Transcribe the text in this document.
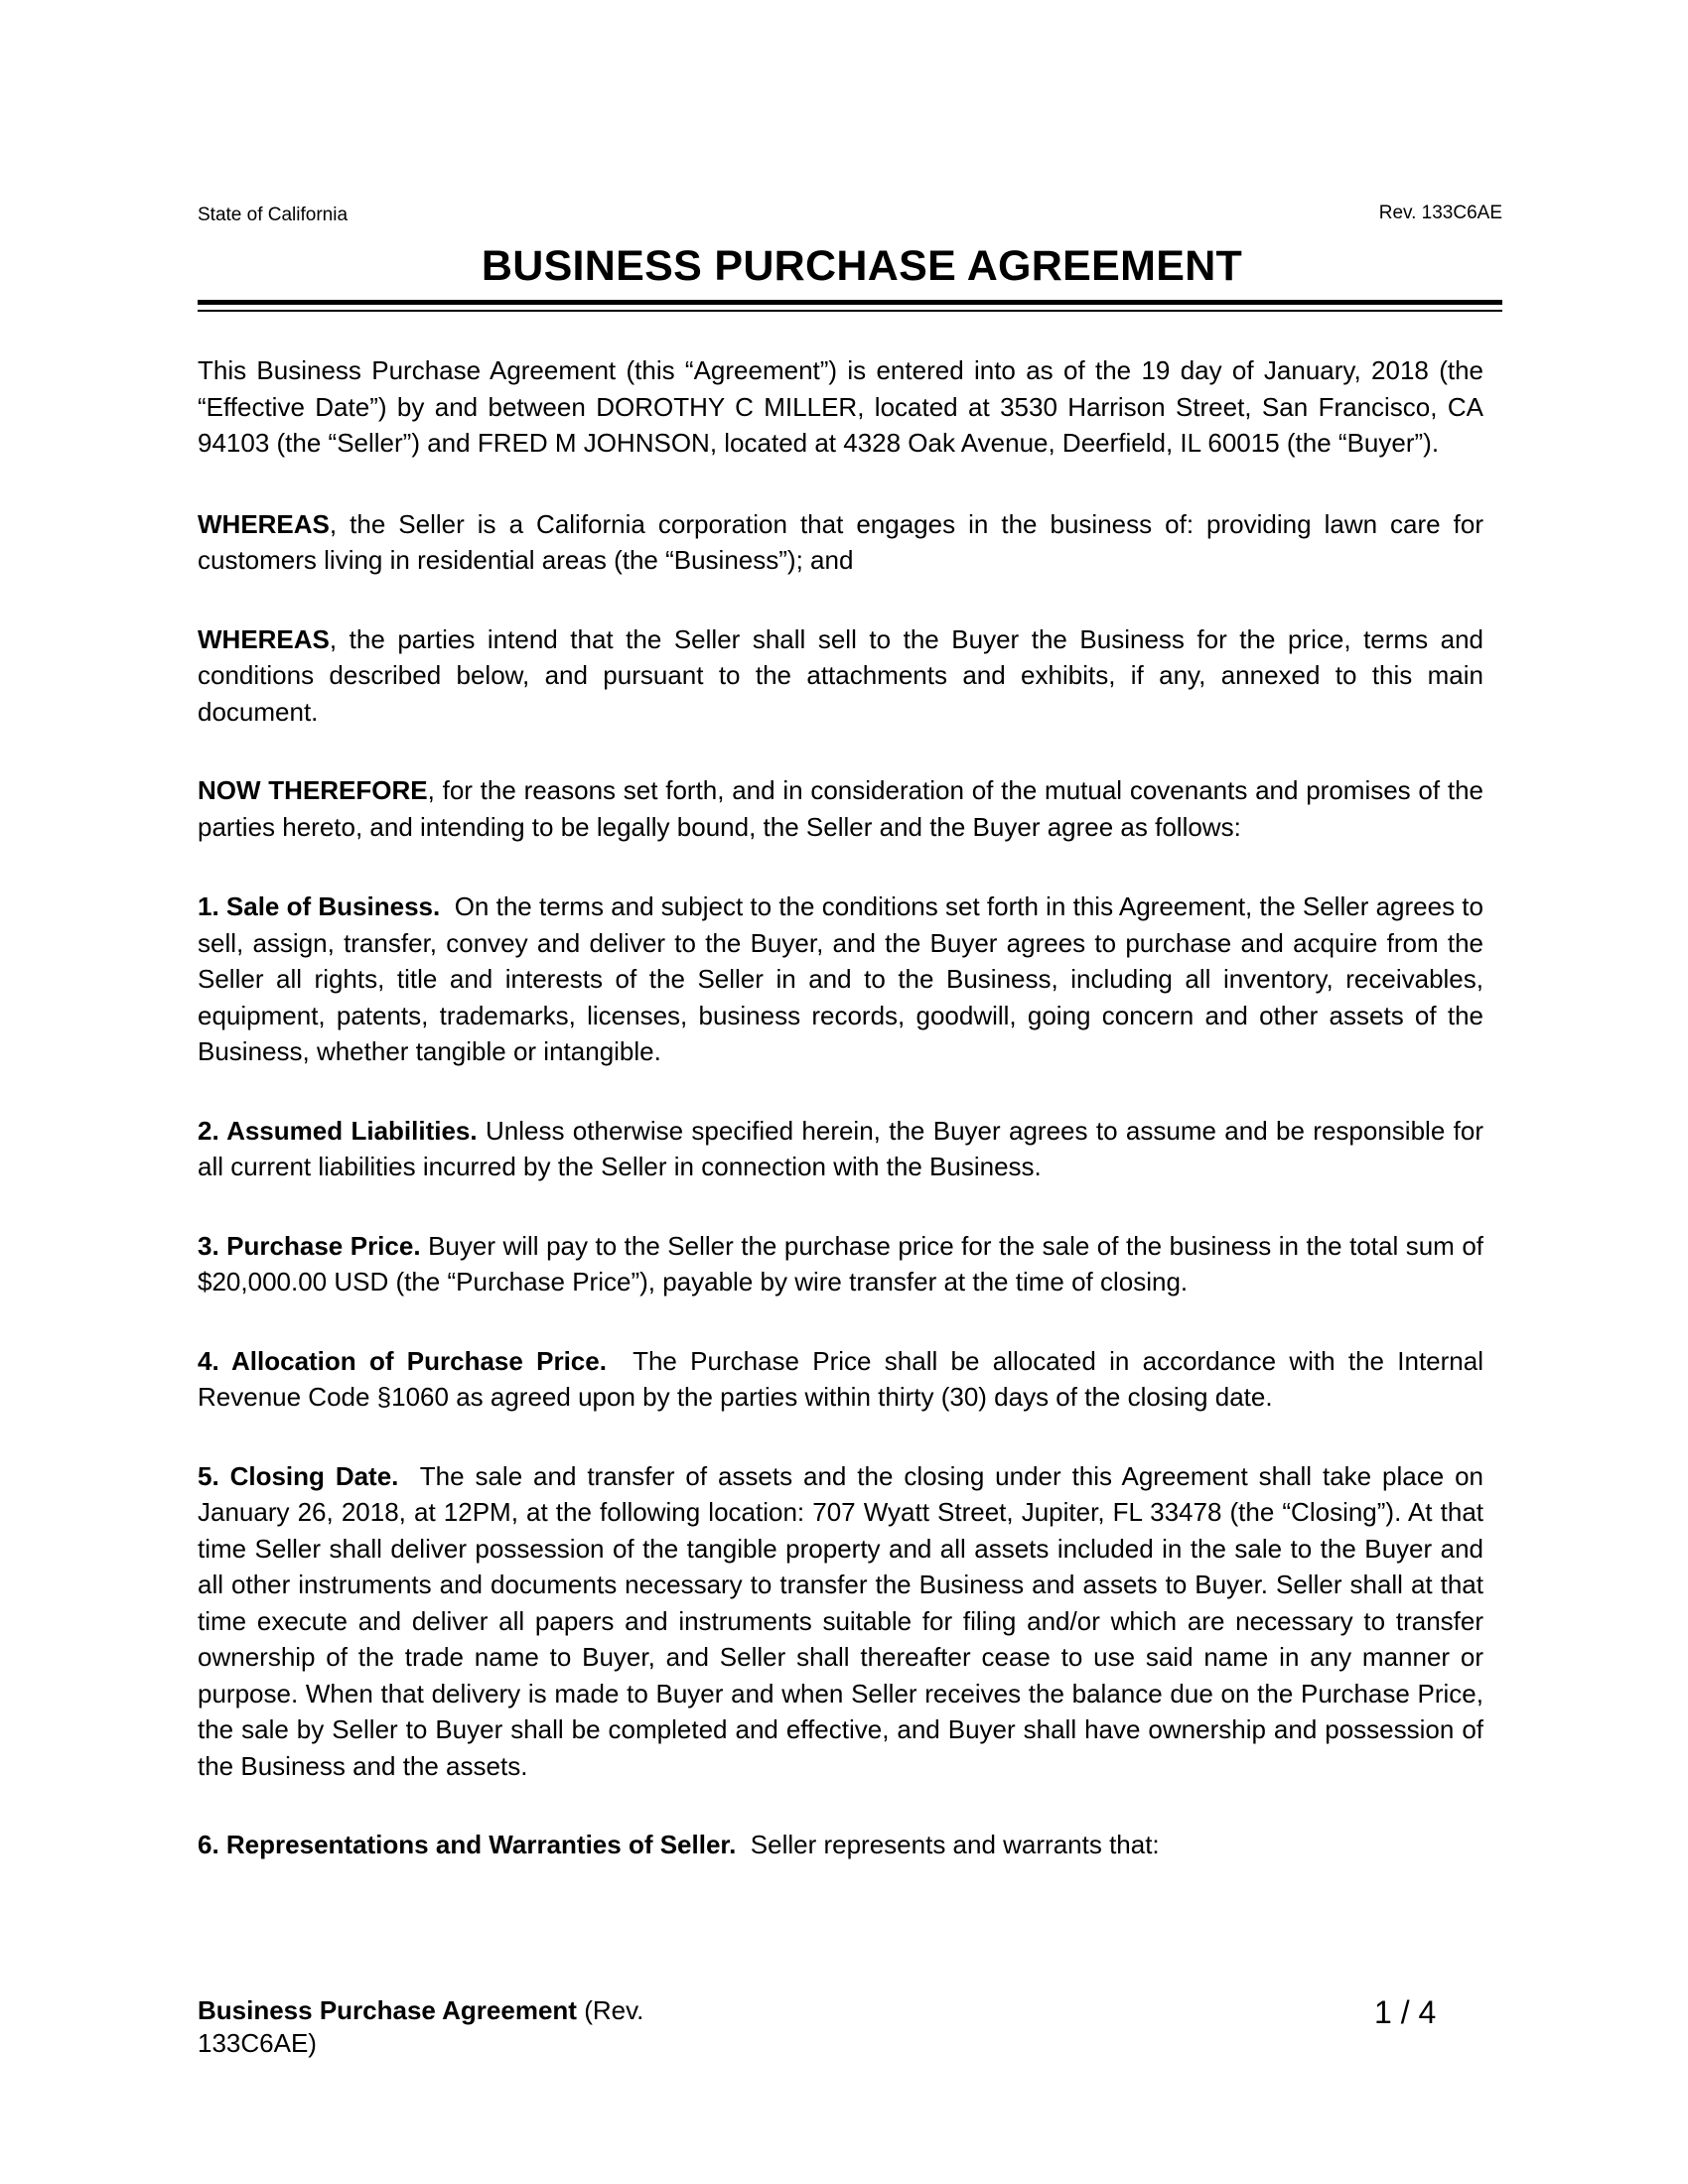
State of California	Rev. 133C6AE
BUSINESS PURCHASE AGREEMENT

This Business Purchase Agreement (this “Agreement”) is entered into as of the 19 day of January, 2018 (the “Effective Date”) by and between DOROTHY C MILLER, located at 3530 Harrison Street, San Francisco, CA 94103 (the “Seller”) and FRED M JOHNSON, located at 4328 Oak Avenue, Deerfield, IL 60015 (the “Buyer”).

WHEREAS, the Seller is a California corporation that engages in the business of: providing lawn care for customers living in residential areas (the “Business”); and

WHEREAS, the parties intend that the Seller shall sell to the Buyer the Business for the price, terms and conditions described below, and pursuant to the attachments and exhibits, if any, annexed to this main document.

NOW THEREFORE, for the reasons set forth, and in consideration of the mutual covenants and promises of the parties hereto, and intending to be legally bound, the Seller and the Buyer agree as follows:

1. Sale of Business. On the terms and subject to the conditions set forth in this Agreement, the Seller agrees to sell, assign, transfer, convey and deliver to the Buyer, and the Buyer agrees to purchase and acquire from the Seller all rights, title and interests of the Seller in and to the Business, including all inventory, receivables, equipment, patents, trademarks, licenses, business records, goodwill, going concern and other assets of the Business, whether tangible or intangible.

2. Assumed Liabilities. Unless otherwise specified herein, the Buyer agrees to assume and be responsible for all current liabilities incurred by the Seller in connection with the Business.

3. Purchase Price. Buyer will pay to the Seller the purchase price for the sale of the business in the total sum of $20,000.00 USD (the “Purchase Price”), payable by wire transfer at the time of closing.

4. Allocation of Purchase Price. The Purchase Price shall be allocated in accordance with the Internal Revenue Code §1060 as agreed upon by the parties within thirty (30) days of the closing date.

5. Closing Date. The sale and transfer of assets and the closing under this Agreement shall take place on January 26, 2018, at 12PM, at the following location: 707 Wyatt Street, Jupiter, FL 33478 (the “Closing”). At that time Seller shall deliver possession of the tangible property and all assets included in the sale to the Buyer and all other instruments and documents necessary to transfer the Business and assets to Buyer. Seller shall at that time execute and deliver all papers and instruments suitable for filing and/or which are necessary to transfer ownership of the trade name to Buyer, and Seller shall thereafter cease to use said name in any manner or purpose. When that delivery is made to Buyer and when Seller receives the balance due on the Purchase Price, the sale by Seller to Buyer shall be completed and effective, and Buyer shall have ownership and possession of the Business and the assets.

6. Representations and Warranties of Seller. Seller represents and warrants that:

Business Purchase Agreement (Rev.
133C6AE)
1 / 4
